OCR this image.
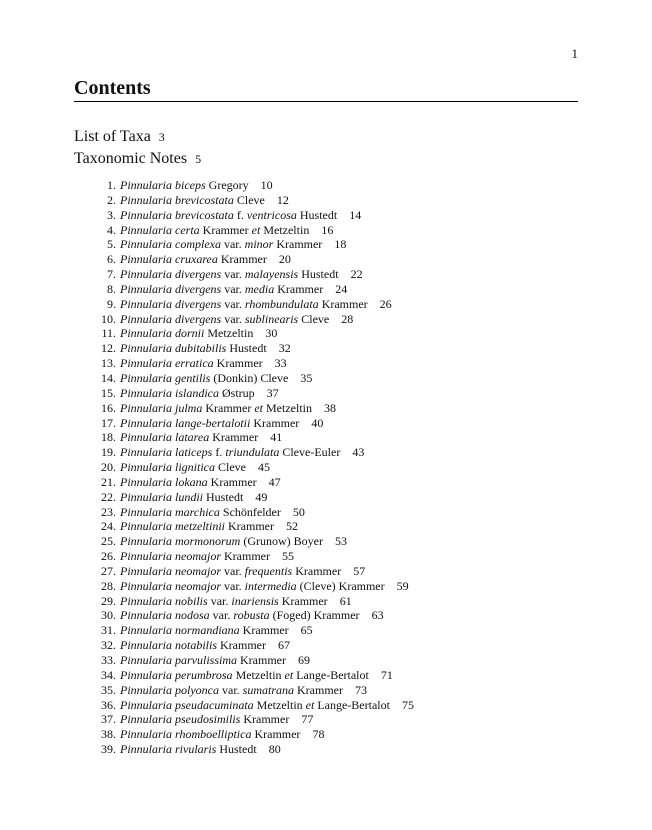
1
Contents
List of Taxa 3
Taxonomic Notes 5
1. Pinnularia biceps Gregory 10
2. Pinnularia brevicostata Cleve 12
3. Pinnularia brevicostata f. ventricosa Hustedt 14
4. Pinnularia certa Krammer et Metzeltin 16
5. Pinnularia complexa var. minor Krammer 18
6. Pinnularia cruxarea Krammer 20
7. Pinnularia divergens var. malayensis Hustedt 22
8. Pinnularia divergens var. media Krammer 24
9. Pinnularia divergens var. rhombundulata Krammer 26
10. Pinnularia divergens var. sublinearis Cleve 28
11. Pinnularia dornii Metzeltin 30
12. Pinnularia dubitabilis Hustedt 32
13. Pinnularia erratica Krammer 33
14. Pinnularia gentilis (Donkin) Cleve 35
15. Pinnularia islandica Østrup 37
16. Pinnularia julma Krammer et Metzeltin 38
17. Pinnularia lange-bertalotii Krammer 40
18. Pinnularia latarea Krammer 41
19. Pinnularia laticeps f. triundulata Cleve-Euler 43
20. Pinnularia lignitica Cleve 45
21. Pinnularia lokana Krammer 47
22. Pinnularia lundii Hustedt 49
23. Pinnularia marchica Schönfelder 50
24. Pinnularia metzeltinii Krammer 52
25. Pinnularia mormonorum (Grunow) Boyer 53
26. Pinnularia neomajor Krammer 55
27. Pinnularia neomajor var. frequentis Krammer 57
28. Pinnularia neomajor var. intermedia (Cleve) Krammer 59
29. Pinnularia nobilis var. inariensis Krammer 61
30. Pinnularia nodosa var. robusta (Foged) Krammer 63
31. Pinnularia normandiana Krammer 65
32. Pinnularia notabilis Krammer 67
33. Pinnularia parvulissima Krammer 69
34. Pinnularia perumbrosa Metzeltin et Lange-Bertalot 71
35. Pinnularia polyonca var. sumatrana Krammer 73
36. Pinnularia pseudacuminata Metzeltin et Lange-Bertalot 75
37. Pinnularia pseudosimilis Krammer 77
38. Pinnularia rhomboelliptica Krammer 78
39. Pinnularia rivularis Hustedt 80
